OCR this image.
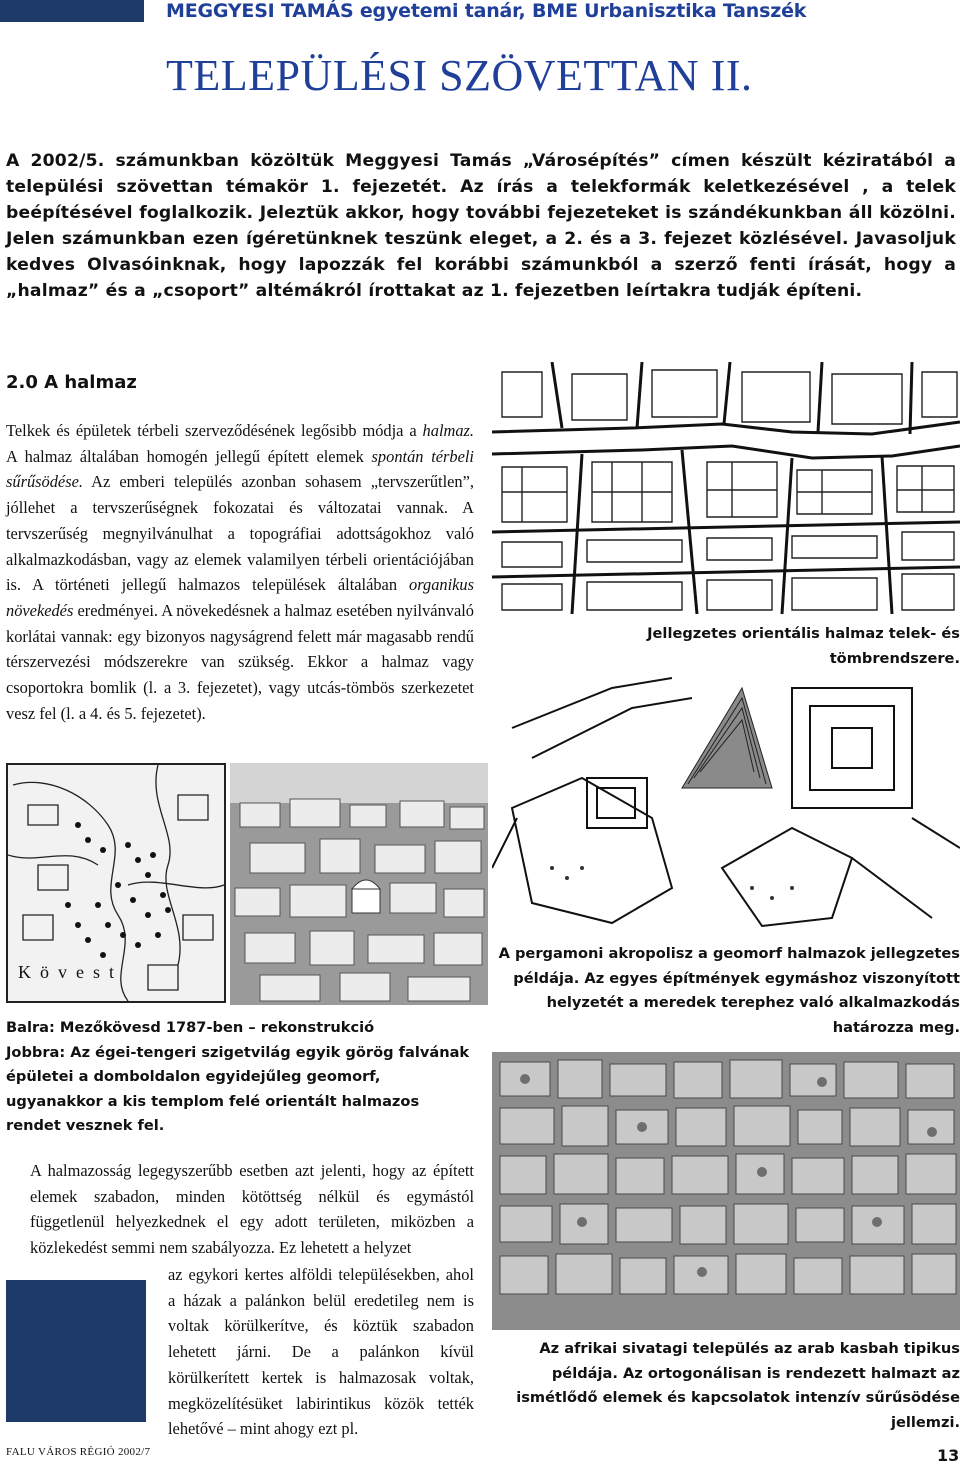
MEGGYESI TAMÁS egyetemi tanár, BME Urbanisztika Tanszék
TELEPÜLÉSI SZÖVETTAN II.

A 2002/5. számunkban közöltük Meggyesi Tamás „Városépítés” címen készült kéziratából a települési szövettan témakör 1. fejezetét. Az írás a telekformák keletkezésével , a telek beépítésével foglalkozik. Jeleztük akkor, hogy további fejezeteket is szándékunkban áll közölni. Jelen számunkban ezen ígéretünknek teszünk eleget, a 2. és a 3. fejezet közlésével. Javasoljuk kedves Olvasóinknak, hogy lapozzák fel korábbi számunkból a szerző fenti írását, hogy a „halmaz” és a „csoport” altémákról írottakat az 1. fejezetben leírtakra tudják építeni.

2.0 A halmaz

Telkek és épületek térbeli szerveződésének legősibb módja a halmaz. A halmaz általában homogén jellegű épített elemek spontán térbeli sűrűsödése. Az emberi település azonban sohasem „tervszerűtlen”, jóllehet a tervszerűségnek fokozatai és változatai vannak. A tervszerűség megnyilvánulhat a topográfiai adottságokhoz való alkalmazkodásban, vagy az elemek valamilyen térbeli orientációjában is. A történeti jellegű halmazos települések általában organikus növekedés eredményei. A növekedésnek a halmaz esetében nyilvánvaló korlátai vannak: egy bizonyos nagyságrend felett már magasabb rendű térszervezési módszerekre van szükség. Ekkor a halmaz vagy csoportokra bomlik (l. a 3. fejezetet), vagy utcás-tömbös szerkezetet vesz fel (l. a 4. és 5. fejezetet).

Jellegzetes orientális halmaz telek- és tömbrendszere.

A pergamoni akropolisz a geomorf halmazok jellegzetes példája. Az egyes építmények egymáshoz viszonyított helyzetét a meredek terephez való alkalmazkodás határozza meg.

Kövest

Balra: Mezőkövesd 1787-ben – rekonstrukció

Jobbra: Az égei-tengeri szigetvilág egyik görög falvának épületei a domboldalon egyidejűleg geomorf, ugyanakkor a kis templom felé orientált halmazos rendet vesznek fel.

Az afrikai sivatagi település az arab kasbah tipikus példája. Az ortogonálisan is rendezett halmazt az ismétlődő elemek és kapcsolatok intenzív sűrűsödése jellemzi.

A halmazosság legegyszerűbb esetben azt jelenti, hogy az épített elemek szabadon, minden kötöttség nélkül és egymástól függetlenül helyezkednek el egy adott területen, miközben a közlekedést semmi nem szabályozza. Ez lehetett a helyzet

az egykori kertes alföldi településekben, ahol a házak a palánkon belül eredetileg nem is voltak körülkerítve, és köztük szabadon lehetett járni. De a palánkon kívül körülkerített kertek is halmazosak voltak, megközelítésüket labirintikus közök tették lehetővé – mint ahogy ezt pl.

FALU VÁROS RÉGIÓ 2002/7	13
